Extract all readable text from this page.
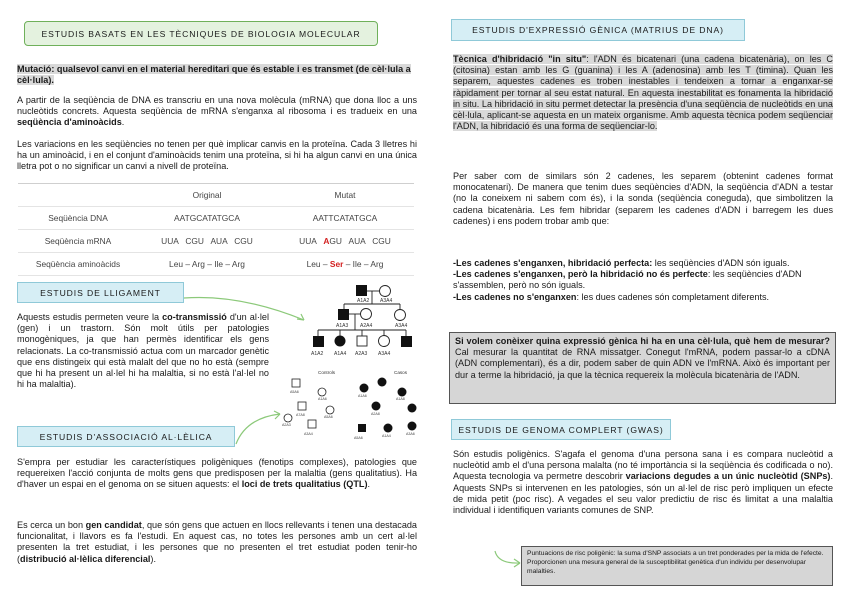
ESTUDIS BASATS EN LES TÈCNIQUES DE BIOLOGIA MOLECULAR
Mutació: qualsevol canvi en el material hereditari que és estable i es transmet (de cèl·lula a cèl·lula).
A partir de la seqüència de DNA es transcriu en una nova molècula (mRNA) que dona lloc a uns nucleòtids concrets. Aquesta seqüència de mRNA s'enganxa al ribosoma i es tradueix en una seqüència d'aminoàcids.
Les variacions en les seqüències no tenen per què implicar canvis en la proteïna. Cada 3 lletres hi ha un aminoàcid, i en el conjunt d'aminoàcids tenim una proteïna, si hi ha algun canvi en una única lletra pot o no significar un canvi a nivell de proteïna.
	Original	Mutat
Seqüència DNA	AATGCATATGCA	AATTCATATGCA
Seqüència mRNA	UUA   CGU   AUA   CGU	UUA   AGU   AUA   CGU
Seqüència aminoàcids	Leu – Arg – Ile – Arg	Leu – Ser – Ile – Arg
ESTUDIS DE LLIGAMENT
Aquests estudis permeten veure la co-transmissió d'un al·lel (gen) i un trastorn. Són molt útils per patologies monogèniques, ja que han permès identificar els gens relacionats. La co-transmissió actua com un marcador genètic que ens distingeix qui està malalt del que no ho està (sempre que hi ha present un al·lel hi ha malaltia, si no està l'al·lel no hi ha malaltia).
ESTUDIS D'ASSOCIACIÓ AL·LÈLICA
S'empra per estudiar les característiques poligèniques (fenotips complexes), patologies que requereixen l'acció conjunta de molts gens que predisposen per la malaltia (gens qualitatius). Ha d'haver un espai en el genoma on se situen aquests: el loci de trets qualitatius (QTL).
Es cerca un bon gen candidat, que són gens que actuen en llocs rellevants i tenen una destacada funcionalitat, i llavors es fa l'estudi. En aquest cas, no totes les persones amb un cert al·lel presenten la tret estudiat, i les persones que no presenten el tret estudiat poden tenir-ho (distribució al·lèlica diferencial).
A1A2 A3A4
A1A3 A2A4	A3A4
A1A2 A1A4 A2A3 A3A4
Controls	Casos
A5A6
A1A6
A7A8	A5A6
A2A3
A3A4
A1A6
A1A8
A2A8
A5A6	A1A4	A3A6
ESTUDIS D'EXPRESSIÓ GÈNICA (MATRIUS DE DNA)
Tècnica d'hibridació "in situ": l'ADN és bicatenari (una cadena bicatenària), on les C (citosina) estan amb les G (guanina) i les A (adenosina) amb les T (timina). Quan les separem, aquestes cadenes es troben inestables i tendeixen a tornar a enganxar-se ràpidament per tornar al seu estat natural. En aquesta inestabilitat es fonamenta la hibridació in situ. La hibridació in situ permet detectar la presència d'una seqüència de nucleòtids en una cèl·lula, aplicant-se aquesta en un mateix organisme. Amb aquesta tècnica podem seqüenciar l'ADN, la hibridació és una forma de seqüenciar-lo.
Per saber com de similars són 2 cadenes, les separem (obtenint cadenes format monocatenari). De manera que tenim dues seqüències d'ADN, la seqüència d'ADN a testar (no la coneixem ni sabem com és), i la sonda (seqüència coneguda), que simbolitzen la cadena bicatenària. Les fem hibridar (separem les cadenes d'ADN i barregem les dues cadenes) i ens podem trobar amb que:
-Les cadenes s'enganxen, hibridació perfecta: les seqüències d'ADN són iguals.
-Les cadenes s'enganxen, però la hibridació no és perfecte: les seqüències d'ADN s'assemblen, però no són iguals.
-Les cadenes no s'enganxen: les dues cadenes són completament diferents.
Si volem conèixer quina expressió gènica hi ha en una cèl·lula, què hem de mesurar? Cal mesurar la quantitat de RNA missatger. Conegut l'mRNA, podem passar-lo a cDNA (ADN complementari), és a dir, podem saber de quin ADN ve l'mRNA. Això és important per dur a terme la hibridació, ja que la tècnica requereix la molècula bicatenària de l'ADN.
ESTUDIS DE GENOMA COMPLERT (GWAS)
Són estudis poligènics. S'agafa el genoma d'una persona sana i es compara nucleòtid a nucleòtid amb el d'una persona malalta (no té importància si la seqüència és codificada o no). Aquesta tecnologia va permetre descobrir variacions degudes a un únic nucleòtid (SNPs). Aquests SNPs si intervenen en les patologies, són un al·lel de risc però impliquen un efecte de mida petit (poc risc). A vegades el seu valor predictiu de risc és limitat a una malaltia individual i identifiquen variants comunes de SNP.
Puntuacions de risc poligènic: la suma d'SNP associats a un tret ponderades per la mida de l'efecte. Proporcionen una mesura general de la susceptibilitat genètica d'un individu per desenvolupar malalties.
